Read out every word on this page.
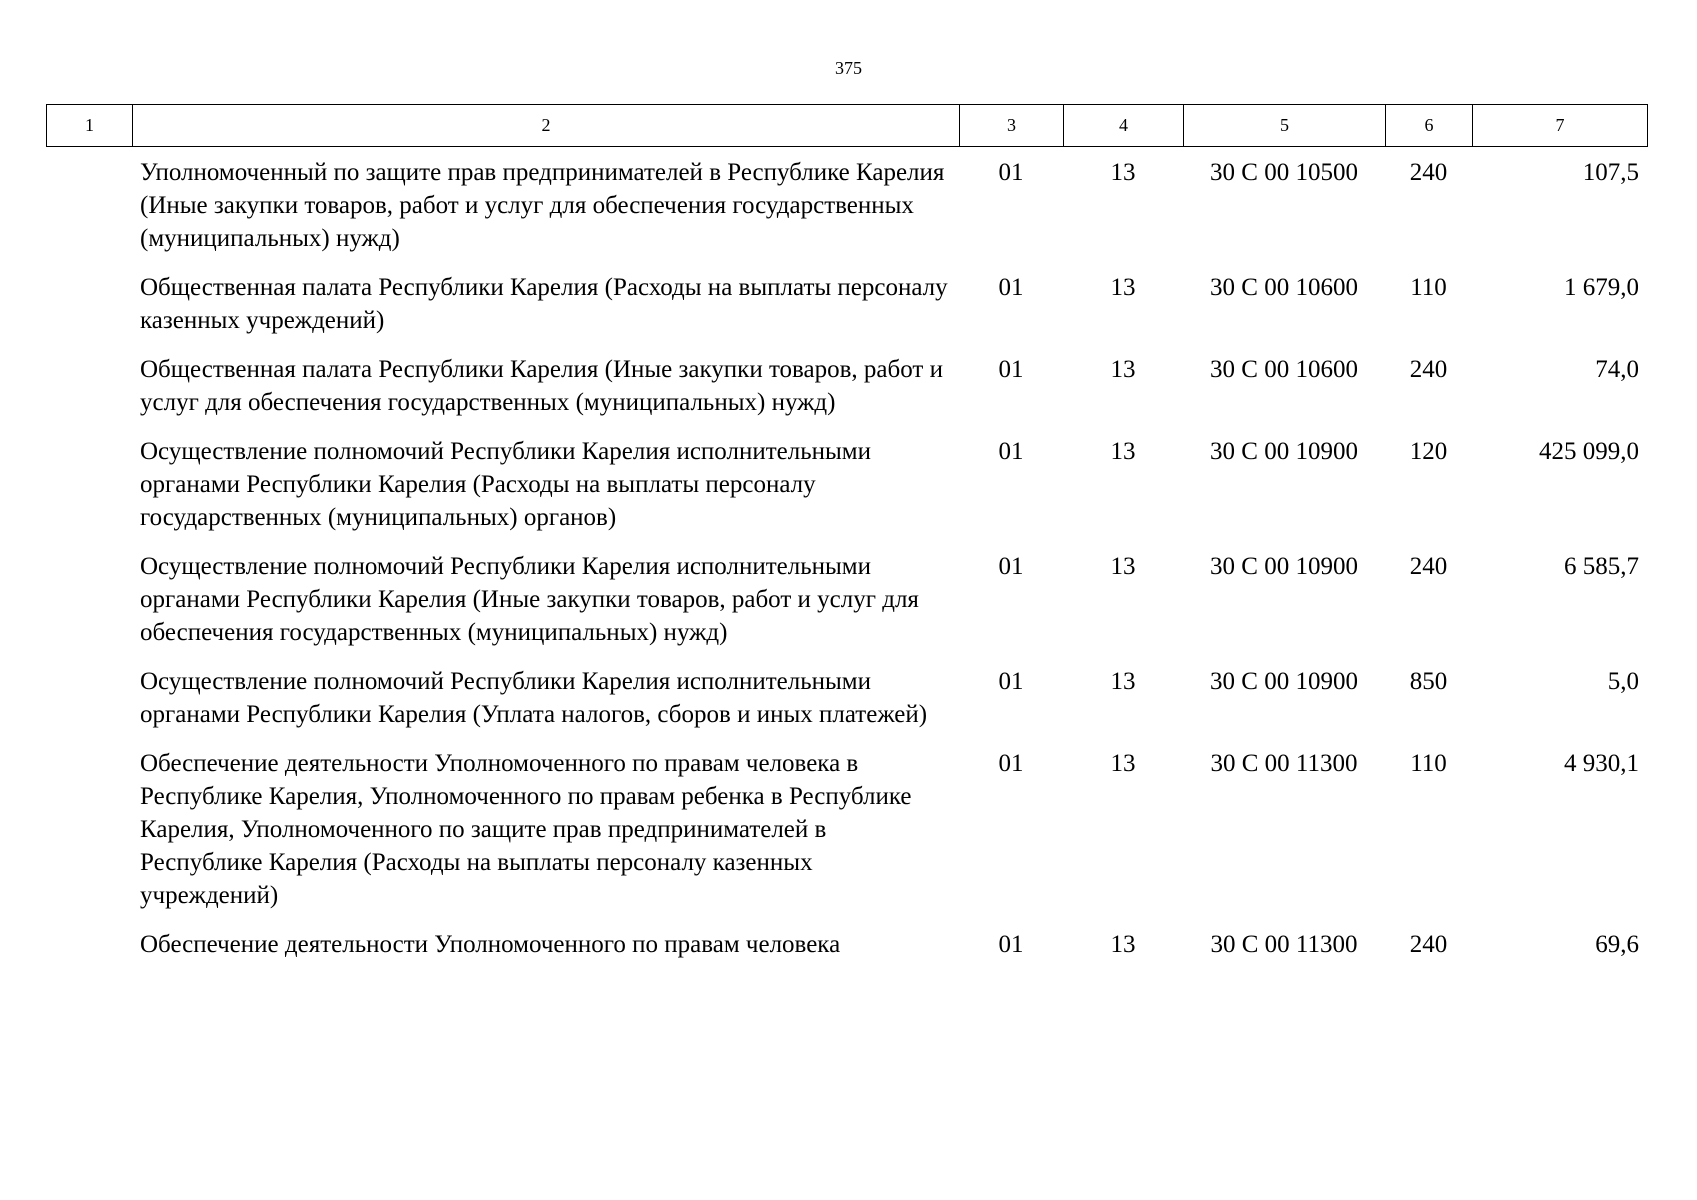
375
1	2	3	4	5	6	7
	Уполномоченный по защите прав предпринимателей в Республике Карелия (Иные закупки товаров, работ и услуг для обеспечения государственных (муниципальных) нужд)	01	13	30 С 00 10500	240	107,5
	Общественная палата Республики Карелия (Расходы на выплаты персоналу казенных учреждений)	01	13	30 С 00 10600	110	1 679,0
	Общественная палата Республики Карелия (Иные закупки товаров, работ и услуг для обеспечения государственных (муниципальных) нужд)	01	13	30 С 00 10600	240	74,0
	Осуществление полномочий Республики Карелия исполнительными органами Республики Карелия (Расходы на выплаты персоналу государственных (муниципальных) органов)	01	13	30 С 00 10900	120	425 099,0
	Осуществление полномочий Республики Карелия исполнительными органами Республики Карелия (Иные закупки товаров, работ и услуг для обеспечения государственных (муниципальных) нужд)	01	13	30 С 00 10900	240	6 585,7
	Осуществление полномочий Республики Карелия исполнительными органами Республики Карелия (Уплата налогов, сборов и иных платежей)	01	13	30 С 00 10900	850	5,0
	Обеспечение деятельности Уполномоченного по правам человека в Республике Карелия, Уполномоченного по правам ребенка в Республике Карелия, Уполномоченного по защите прав предпринимателей в Республике Карелия (Расходы на выплаты персоналу казенных учреждений)	01	13	30 С 00 11300	110	4 930,1
	Обеспечение деятельности Уполномоченного по правам человека	01	13	30 С 00 11300	240	69,6
